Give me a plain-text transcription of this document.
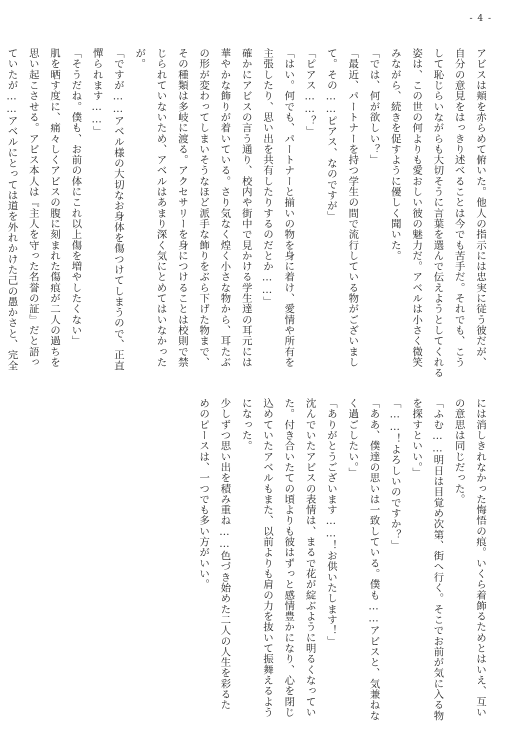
- 4 -

アビスは頬を赤らめて俯いた。他人の指示には忠実に従う彼だが、

自分の意見をはっきり述べることは今でも苦手だ。それでも、こう

して恥じらいながらも大切そうに言葉を選んで伝えようとしてくれる

姿は、この世の何よりも愛おしい彼の魅力だ。アベルは小さく微笑

みながら、続きを促すように優しく聞いた。

「では、何が欲しい？」

「最近、パートナーを持つ学生の間で流行している物がございまし

て。その……ピアス、なのですが」

「ピアス……？」

「はい。何でも、パートナーと揃いの物を身に着け、愛情や所有を

主張したり、思い出を共有したりするのだとか……」

確かにアビスの言う通り、校内や街中で見かける学生達の耳元には

華やかな飾りが着いている。さり気なく煌く小さな物から、耳たぶ

の形が変わってしまいそうなほど派手な飾りをぶら下げた物まで、

その種類は多岐に渡る。アクセサリーを身につけることは校則で禁

じられていないため、アベルはあまり深く気にとめてはいなかった

が。

「ですが……アベル様の大切なお身体を傷つけてしまうので、正直

憚られます……」

「そうだね。僕も、お前の体にこれ以上傷を増やしたくない」

肌を晒す度に、痛々しくアビスの腹に刻まれた傷痕が二人の過ちを

思い起こさせる。アビス本人は『主人を守った名誉の証』だと語っ

ていたが……アベルにとっては道を外れかけた己の愚かさと、完全

には消しきれなかった悔悟の痕。いくら着飾るためとはいえ、互い

の意思は同じだった。

「ふむ……明日は目覚め次第、街へ行く。そこでお前が気に入る物

を探すといい。」

「……！よろしいのですか？」

「ああ、僕達の思いは一致している。僕も……アビスと、気兼ねな

く過ごしたい。」

「ありがとうございます……！お供いたします！」

沈んでいたアビスの表情は、まるで花が綻ぶように明るくなってい

た。付き合いたての頃よりも彼はずっと感情豊かになり、心を閉じ

込めていたアベルもまた、以前よりも肩の力を抜いて振舞えるよう

になった。

少しずつ思い出を積み重ね……色づき始めた二人の人生を彩るた

めのピースは、一つでも多い方がいい。
